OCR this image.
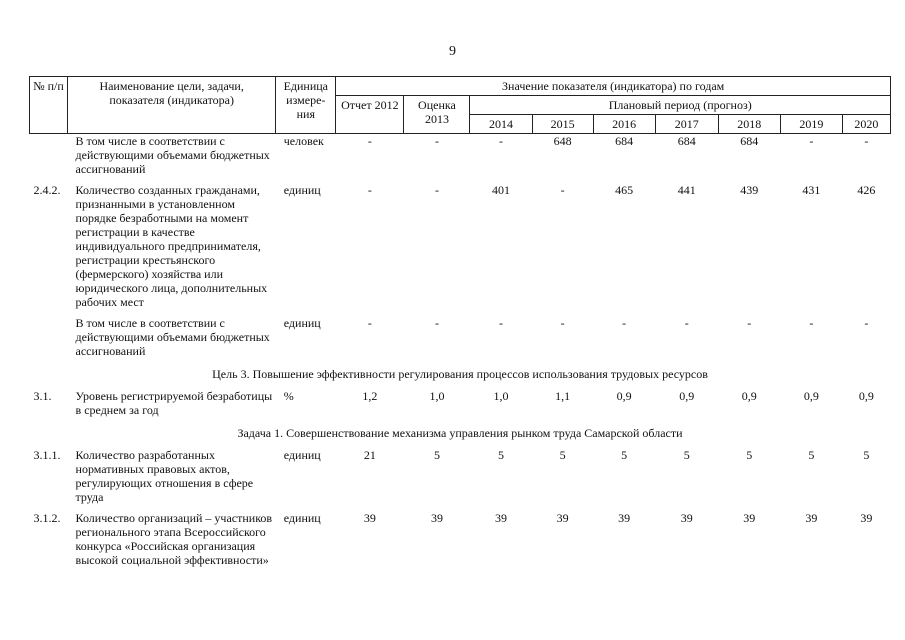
9
№ п/п	Наименование цели, задачи, показателя (индикатора)	Единица измере-ния	Значение показателя (индикатора) по годам								
			Отчет 2012	Оценка 2013	Плановый период (прогноз)						
					2014	2015	2016	2017	2018	2019	2020
	В том числе в соответствии с действующими объемами бюджетных ассигнований	человек	-	-	-	648	684	684	684	-	-

2.4.2.	Количество созданных гражданами, признанными в установленном порядке безработными на момент регистрации в качестве индивидуального предпринимателя, регистрации крестьянского (фермерского) хозяйства или юридического лица, дополнительных рабочих мест	единиц	-	-	401	-	465	441	439	431	426

	В том числе в соответствии с действующими объемами бюджетных ассигнований	единиц	-	-	-	-	-	-	-	-	-

Цель 3. Повышение эффективности регулирования процессов использования трудовых ресурсов											

3.1.	Уровень регистрируемой безработицы в среднем за год	%	1,2	1,0	1,0	1,1	0,9	0,9	0,9	0,9	0,9

Задача 1. Совершенствование механизма управления рынком труда Самарской области											

3.1.1.	Количество разработанных нормативных правовых актов, регулирующих отношения в сфере труда	единиц	21	5	5	5	5	5	5	5	5

3.1.2.	Количество организаций – участников регионального этапа Всероссийского конкурса «Российская организация высокой социальной эффективности»	единиц	39	39	39	39	39	39	39	39	39
